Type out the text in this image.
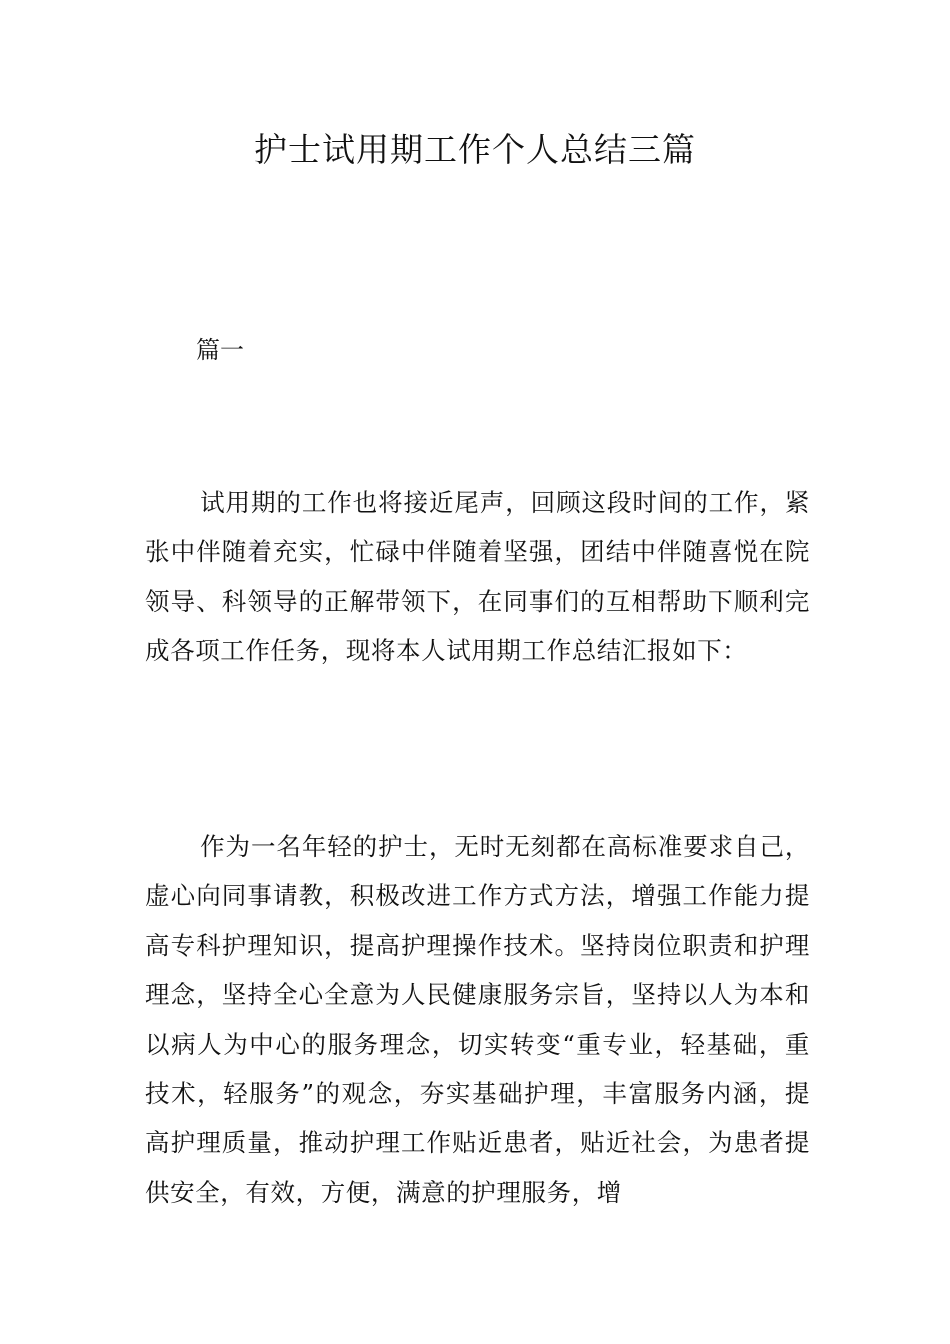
护士试用期工作个人总结三篇
篇一

试用期的工作也将接近尾声，回顾这段时间的工作，紧张中伴随着充实，忙碌中伴随着坚强，团结中伴随喜悦在院领导、科领导的正解带领下，在同事们的互相帮助下顺利完成各项工作任务，现将本人试用期工作总结汇报如下：

作为一名年轻的护士，无时无刻都在高标准要求自己，虚心向同事请教，积极改进工作方式方法，增强工作能力提高专科护理知识，提高护理操作技术。坚持岗位职责和护理理念，坚持全心全意为人民健康服务宗旨，坚持以人为本和以病人为中心的服务理念，切实转变“重专业，轻基础，重技术，轻服务”的观念，夯实基础护理，丰富服务内涵，提高护理质量，推动护理工作贴近患者，贴近社会，为患者提供安全，有效，方便，满意的护理服务，增
